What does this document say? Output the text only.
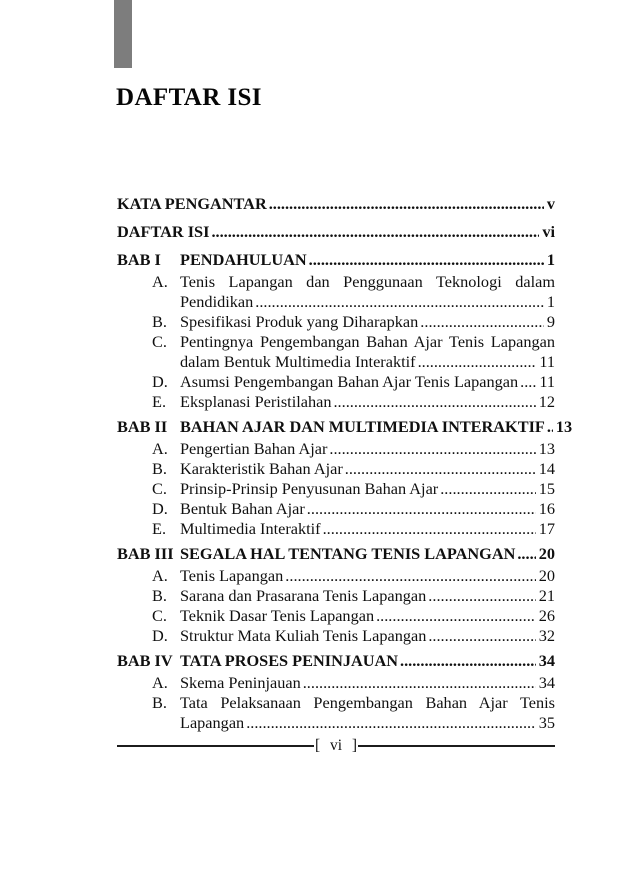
DAFTAR ISI
KATA PENGANTAR .....	v
DAFTAR ISI .....	vi
BAB I	PENDAHULUAN .....	1
A. Tenis Lapangan dan Penggunaan Teknologi dalam
Pendidikan .....	1
B. Spesifikasi Produk yang Diharapkan .....	9
C. Pentingnya Pengembangan Bahan Ajar Tenis Lapangan
dalam Bentuk Multimedia Interaktif .....	11
D. Asumsi Pengembangan Bahan Ajar Tenis Lapangan ..... 11
E. Eksplanasi Peristilahan .....	12
BAB II BAHAN AJAR DAN MULTIMEDIA INTERAKTIF ..... 13
A. Pengertian Bahan Ajar .....	13
B. Karakteristik Bahan Ajar .....	14
C. Prinsip-Prinsip Penyusunan Bahan Ajar .....	15
D. Bentuk Bahan Ajar .....	16
E. Multimedia Interaktif .....	17
BAB III SEGALA HAL TENTANG TENIS LAPANGAN ..... 20
A. Tenis Lapangan .....	20
B. Sarana dan Prasarana Tenis Lapangan .....	21
C. Teknik Dasar Tenis Lapangan .....	26
D. Struktur Mata Kuliah Tenis Lapangan .....	32
BAB IV TATA PROSES PENINJAUAN .....	34
A. Skema Peninjauan .....	34
B. Tata Pelaksanaan Pengembangan Bahan Ajar Tenis
Lapangan .....	35
[ vi ]
